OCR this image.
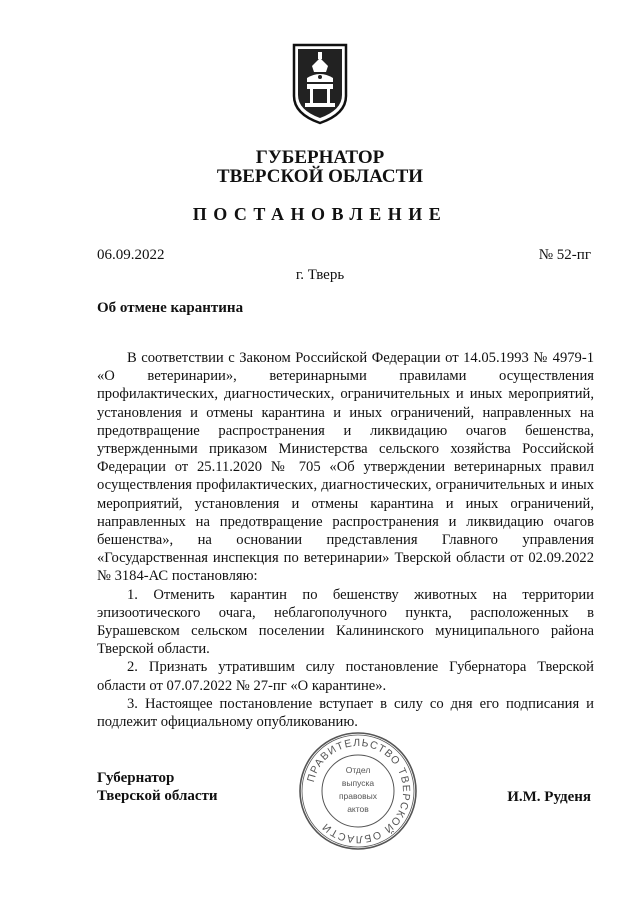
ГУБЕРНАТОР
ТВЕРСКОЙ ОБЛАСТИ
ПОСТАНОВЛЕНИЕ
06.09.2022	№ 52-пг
г. Тверь
Об отмене карантина

В соответствии с Законом Российской Федерации от 14.05.1993 № 4979-1 «О ветеринарии», ветеринарными правилами осуществления профилактических, диагностических, ограничительных и иных мероприятий, установления и отмены карантина и иных ограничений, направленных на предотвращение распространения и ликвидацию очагов бешенства, утвержденными приказом Министерства сельского хозяйства Российской Федерации от 25.11.2020 № 705 «Об утверждении ветеринарных правил осуществления профилактических, диагностических, ограничительных и иных мероприятий, установления и отмены карантина и иных ограничений, направленных на предотвращение распространения и ликвидацию очагов бешенства», на основании представления Главного управления «Государственная инспекция по ветеринарии» Тверской области от 02.09.2022 № 3184-АС постановляю:

1. Отменить карантин по бешенству животных на территории эпизоотического очага, неблагополучного пункта, расположенных в Бурашевском сельском поселении Калининского муниципального района Тверской области.

2. Признать утратившим силу постановление Губернатора Тверской области от 07.07.2022 № 27-пг «О карантине».

3. Настоящее постановление вступает в силу со дня его подписания и подлежит официальному опубликованию.

Губернатор
Тверской области	И.М. Руденя
ПРАВИТЕЛЬСТВО ТВЕРСКОЙ ОБЛАСТИ
Отдел
выпуска
правовых
актов
